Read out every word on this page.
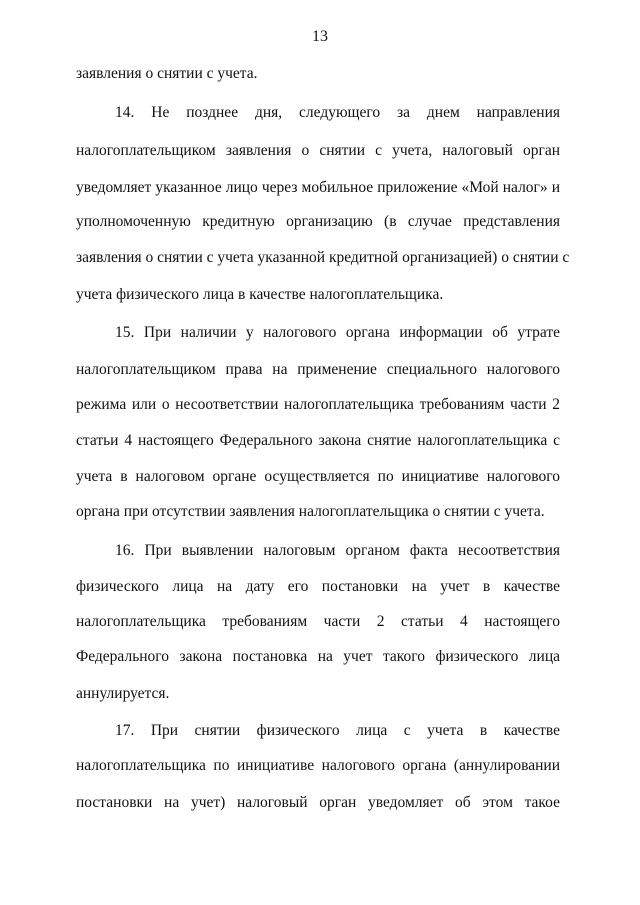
13
заявления о снятии с учета.
14. Не позднее дня, следующего за днем направления
налогоплательщиком заявления о снятии с учета, налоговый орган
уведомляет указанное лицо через мобильное приложение «Мой налог» и
уполномоченную кредитную организацию (в случае представления
заявления о снятии с учета указанной кредитной организацией) о снятии с
учета физического лица в качестве налогоплательщика.
15. При наличии у налогового органа информации об утрате
налогоплательщиком права на применение специального налогового
режима или о несоответствии налогоплательщика требованиям части 2
статьи 4 настоящего Федерального закона снятие налогоплательщика с
учета в налоговом органе осуществляется по инициативе налогового
органа при отсутствии заявления налогоплательщика о снятии с учета.
16. При выявлении налоговым органом факта несоответствия
физического лица на дату его постановки на учет в качестве
налогоплательщика требованиям части 2 статьи 4 настоящего
Федерального закона постановка на учет такого физического лица
аннулируется.
17. При снятии физического лица с учета в качестве
налогоплательщика по инициативе налогового органа (аннулировании
постановки на учет) налоговый орган уведомляет об этом такое
